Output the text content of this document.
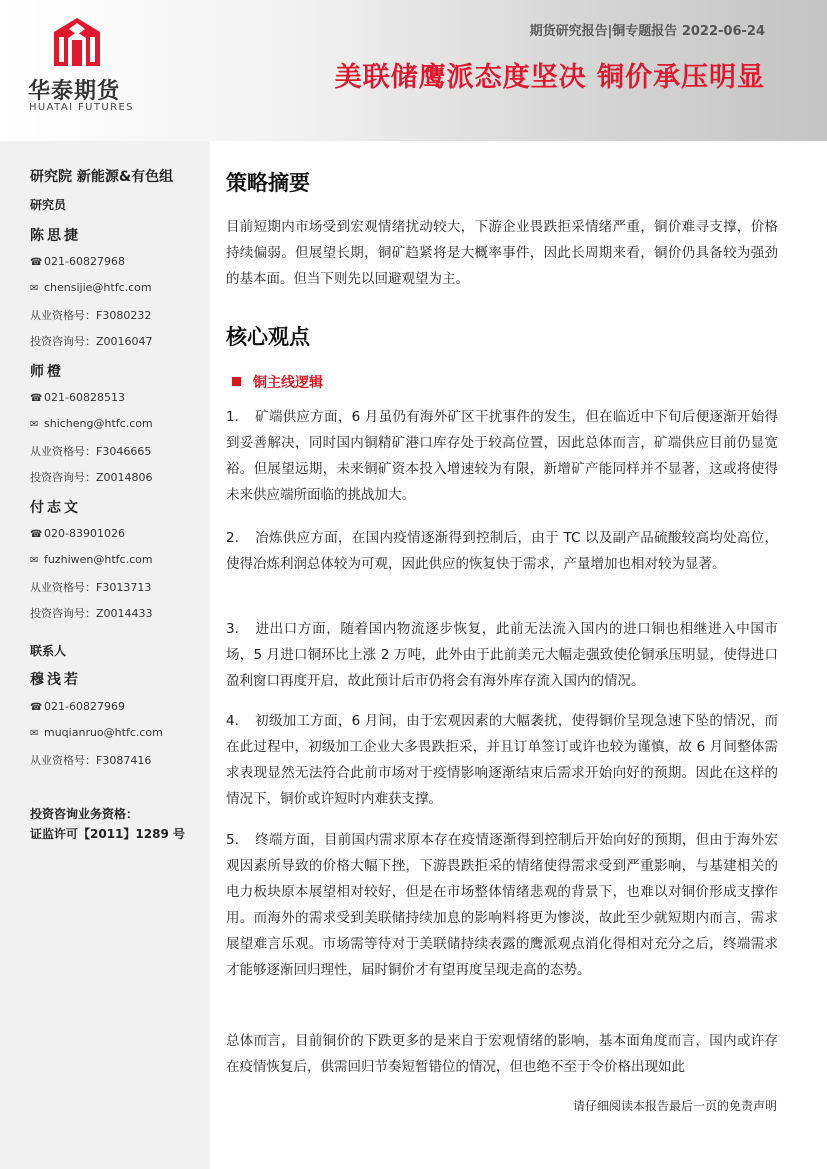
华泰期货
HUATAI FUTURES
期货研究报告|铜专题报告 2022-06-24
美联储鹰派态度坚决 铜价承压明显
研究院 新能源&有色组
研究员
陈思捷
☎ 021-60827968
✉ chensijie@htfc.com
从业资格号：F3080232
投资咨询号：Z0016047
师橙
☎ 021-60828513
✉ shicheng@htfc.com
从业资格号：F3046665
投资咨询号：Z0014806
付志文
☎ 020-83901026
✉ fuzhiwen@htfc.com
从业资格号：F3013713
投资咨询号：Z0014433
联系人
穆浅若
☎ 021-60827969
✉ muqianruo@htfc.com
从业资格号：F3087416
投资咨询业务资格：
证监许可【2011】1289 号
策略摘要

目前短期内市场受到宏观情绪扰动较大，下游企业畏跌拒采情绪严重，铜价难寻支撑，价格持续偏弱。但展望长期，铜矿趋紧将是大概率事件，因此长周期来看，铜价仍具备较为强劲的基本面。但当下则先以回避观望为主。

核心观点
铜主线逻辑

1. 矿端供应方面，6 月虽仍有海外矿区干扰事件的发生，但在临近中下旬后便逐渐开始得到妥善解决，同时国内铜精矿港口库存处于较高位置，因此总体而言，矿端供应目前仍显宽裕。但展望远期，未来铜矿资本投入增速较为有限，新增矿产能同样并不显著，这或将使得未来供应端所面临的挑战加大。

2. 冶炼供应方面，在国内疫情逐渐得到控制后，由于 TC 以及副产品硫酸较高均处高位，使得冶炼利润总体较为可观，因此供应的恢复快于需求，产量增加也相对较为显著。

3. 进出口方面，随着国内物流逐步恢复，此前无法流入国内的进口铜也相继进入中国市场，5 月进口铜环比上涨 2 万吨，此外由于此前美元大幅走强致使伦铜承压明显，使得进口盈利窗口再度开启，故此预计后市仍将会有海外库存流入国内的情况。

4. 初级加工方面，6 月间，由于宏观因素的大幅袭扰，使得铜价呈现急速下坠的情况，而在此过程中，初级加工企业大多畏跌拒采，并且订单签订或许也较为谨慎，故 6 月间整体需求表现显然无法符合此前市场对于疫情影响逐渐结束后需求开始向好的预期。因此在这样的情况下，铜价或许短时内难获支撑。

5. 终端方面，目前国内需求原本存在疫情逐渐得到控制后开始向好的预期，但由于海外宏观因素所导致的价格大幅下挫，下游畏跌拒采的情绪使得需求受到严重影响，与基建相关的电力板块原本展望相对较好，但是在市场整体情绪悲观的背景下，也难以对铜价形成支撑作用。而海外的需求受到美联储持续加息的影响料将更为惨淡，故此至少就短期内而言，需求展望难言乐观。市场需等待对于美联储持续表露的鹰派观点消化得相对充分之后，终端需求才能够逐渐回归理性，届时铜价才有望再度呈现走高的态势。

总体而言，目前铜价的下跌更多的是来自于宏观情绪的影响，基本面角度而言，国内或许存在疫情恢复后，供需回归节奏短暂错位的情况，但也绝不至于令价格出现如此

请仔细阅读本报告最后一页的免责声明
